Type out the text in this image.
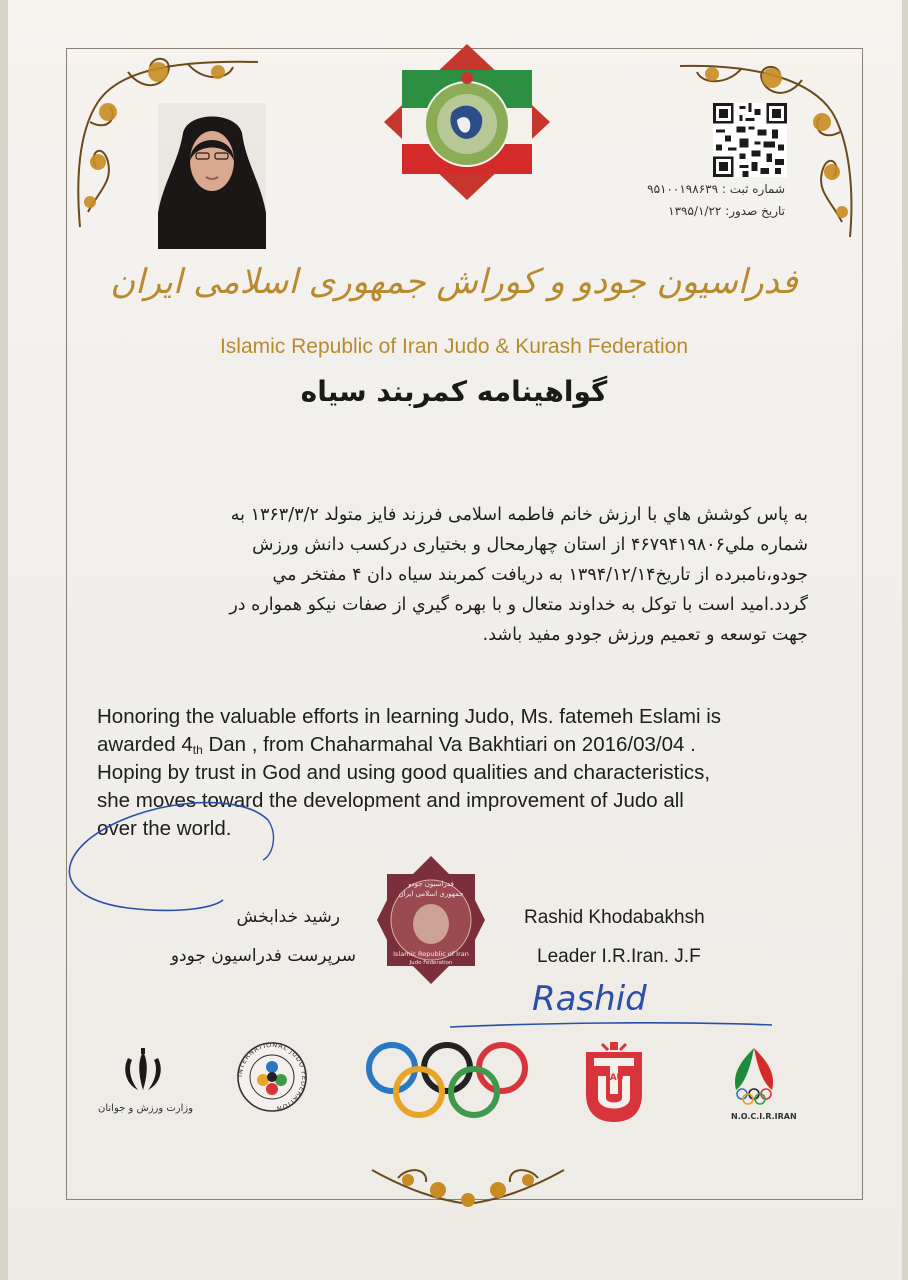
شماره ثبت : ۹۵۱۰۰۱۹۸۶۳۹
تاریخ صدور: ۱۳۹۵/۱/۲۲
فدراسیون جودو و کوراش جمهوری اسلامی ایران
Islamic Republic of Iran Judo & Kurash Federation
گواهینامه کمربند سیاه
به پاس کوشش هاي با ارزش خانم فاطمه اسلامی فرزند فایز متولد ۱۳۶۳/۳/۲ به
شماره ملي۴۶۷۹۴۱۹۸۰۶ از استان چهارمحال و بختیاری درکسب دانش ورزش
جودو،نامبرده از تاریخ۱۳۹۴/۱۲/۱۴ به دریافت کمربند سیاه دان ۴ مفتخر مي
گردد.امید است با توکل به خداوند متعال و با بهره گيري از صفات نیکو همواره در
جهت توسعه و تعمیم ورزش جودو مفید باشد.
Honoring the valuable efforts in learning Judo, Ms. fatemeh Eslami is
awarded $4_{th}$ Dan , from Chaharmahal Va Bakhtiari on 2016/03/04 .
Hoping by trust in God and using good qualities and characteristics,
she moves toward the development and improvement of Judo all
over the world.
رشید خدابخش
سرپرست فدراسیون جودو
Rashid Khodabakhsh
Leader I.R.Iran. J.F
Rashid
فدراسیون جودو
جمهوری اسلامی ایران
Islamic Republic of Iran
Judo Federation
وزارت ورزش و جوانان
INTERNATIONAL JUDO FEDERATION
TAU
N.O.C.I.R.IRAN
